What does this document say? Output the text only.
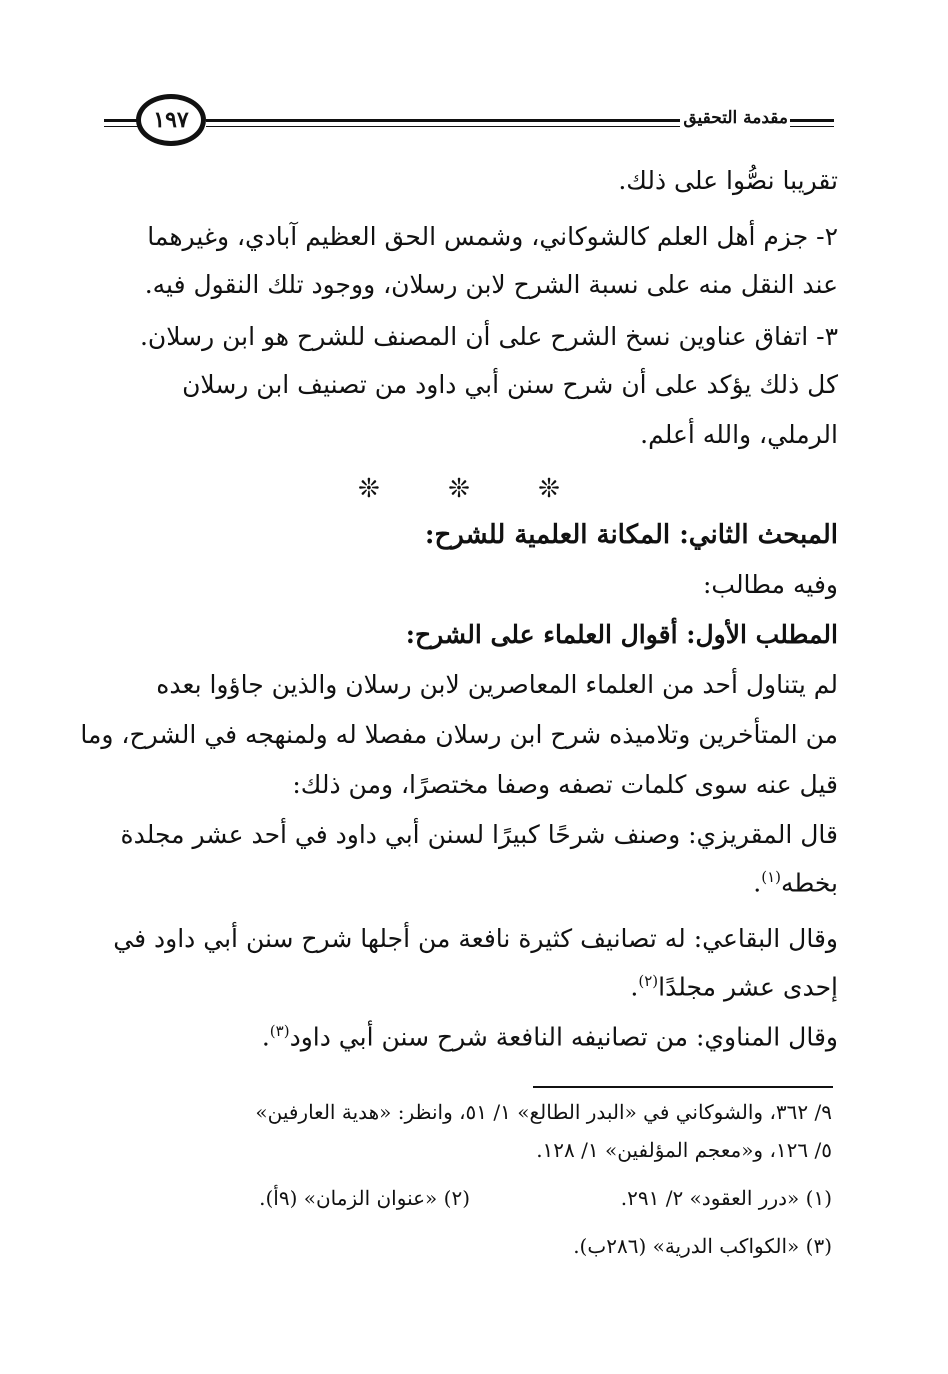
مقدمة التحقيق
١٩٧
تقريبا نصُّوا على ذلك.
٢- جزم أهل العلم كالشوكاني، وشمس الحق العظيم آبادي، وغيرهما
عند النقل منه على نسبة الشرح لابن رسلان، ووجود تلك النقول فيه.
٣- اتفاق عناوين نسخ الشرح على أن المصنف للشرح هو ابن رسلان.
كل ذلك يؤكد على أن شرح سنن أبي داود من تصنيف ابن رسلان
الرملي، والله أعلم.
❊ ❊ ❊
المبحث الثاني: المكانة العلمية للشرح:
وفيه مطالب:
المطلب الأول: أقوال العلماء على الشرح:
لم يتناول أحد من العلماء المعاصرين لابن رسلان والذين جاؤوا بعده
من المتأخرين وتلاميذه شرح ابن رسلان مفصلا له ولمنهجه في الشرح، وما
قيل عنه سوى كلمات تصفه وصفا مختصرًا، ومن ذلك:
قال المقريزي: وصنف شرحًا كبيرًا لسنن أبي داود في أحد عشر مجلدة
بخطه$^{(١)}$.
وقال البقاعي: له تصانيف كثيرة نافعة من أجلها شرح سنن أبي داود في
إحدى عشر مجلدًا$^{(٢)}$.
وقال المناوي: من تصانيفه النافعة شرح سنن أبي داود$^{(٣)}$.
٩/ ٣٦٢، والشوكاني في «البدر الطالع» ١/ ٥١، وانظر: «هدية العارفين»
٥/ ١٢٦، و«معجم المؤلفين» ١/ ١٢٨.
(١) «درر العقود» ٢/ ٢٩١.
(٢) «عنوان الزمان» (٩أ).
(٣) «الكواكب الدرية» (٢٨٦ب).
